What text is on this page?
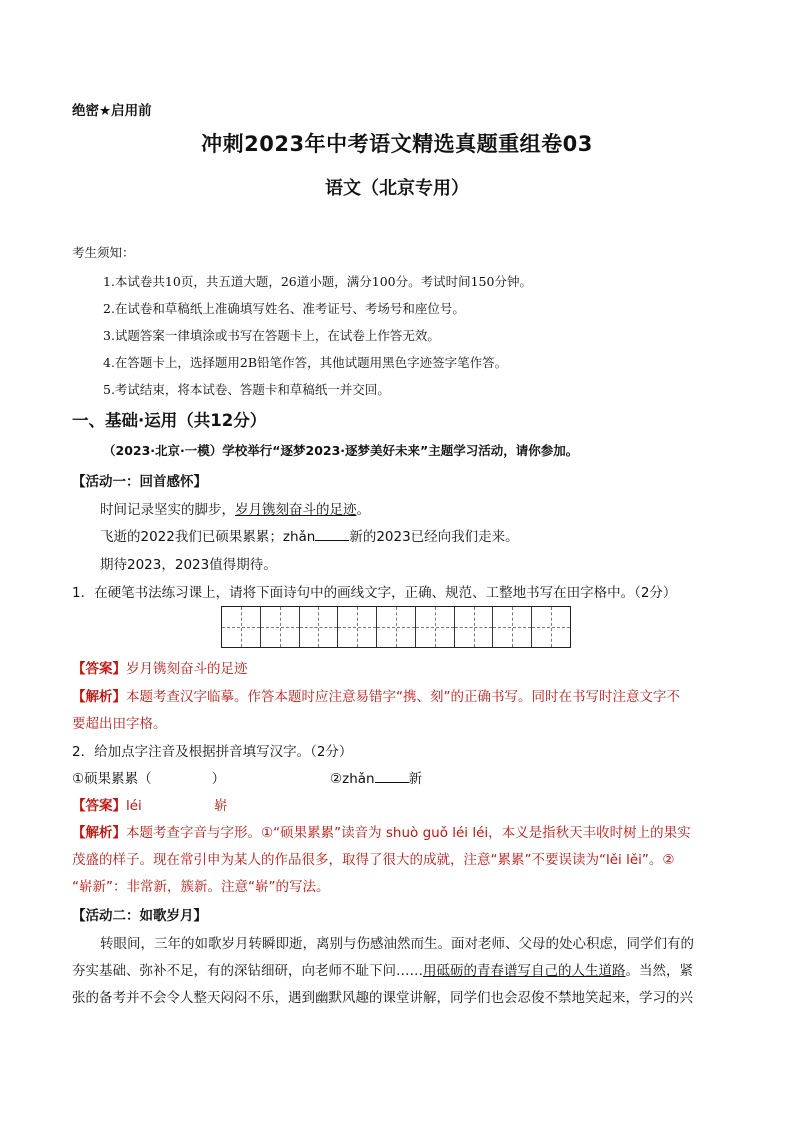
绝密★启用前
冲刺2023年中考语文精选真题重组卷03
语文（北京专用）
考生须知：
1.本试卷共10页，共五道大题，26道小题，满分100分。考试时间150分钟。
2.在试卷和草稿纸上准确填写姓名、准考证号、考场号和座位号。
3.试题答案一律填涂或书写在答题卡上，在试卷上作答无效。
4.在答题卡上，选择题用2B铅笔作答，其他试题用黑色字迹签字笔作答。
5.考试结束，将本试卷、答题卡和草稿纸一并交回。
一、基础·运用（共12分）
（2023·北京·一模）学校举行“逐梦2023·逐梦美好未来”主题学习活动，请你参加。
【活动一：回首感怀】
时间记录坚实的脚步，岁月镌刻奋斗的足迹。
飞逝的2022我们已硕果累累；zhǎn	新的2023已经向我们走来。
期待2023，2023值得期待。
1．在硬笔书法练习课上，请将下面诗句中的画线文字，正确、规范、工整地书写在田字格中。（2分）
【答案】岁月镌刻奋斗的足迹
【解析】本题考查汉字临摹。作答本题时应注意易错字“携、刻”的正确书写。同时在书写时注意文字不
要超出田字格。
2．给加点字注音及根据拼音填写汉字。（2分）
①硕果累累（	）	②zhǎn	新
【答案】léi	崭
【解析】本题考查字音与字形。①“硕果累累”读音为 shuò guǒ léi léi，本义是指秋天丰收时树上的果实
茂盛的样子。现在常引申为某人的作品很多，取得了很大的成就，注意“累累”不要误读为“lěi lěi”。②
“崭新”：非常新，簇新。注意“崭”的写法。
【活动二：如歌岁月】
转眼间，三年的如歌岁月转瞬即逝，离别与伤感油然而生。面对老师、父母的处心积虑，同学们有的
夯实基础、弥补不足，有的深钻细研，向老师不耻下问……用砥砺的青春谱写自己的人生道路。当然，紧
张的备考并不会令人整天闷闷不乐，遇到幽默风趣的课堂讲解，同学们也会忍俊不禁地笑起来，学习的兴
